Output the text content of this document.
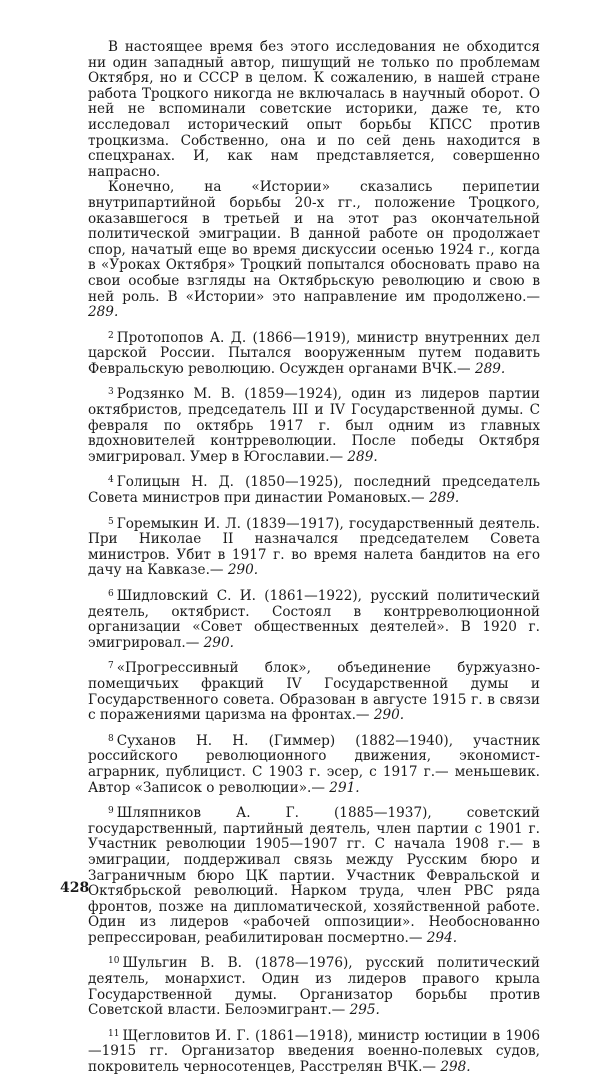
В настоящее время без этого исследования не обходится ни один западный автор, пишущий не только по проблемам Октября, но и СССР в целом. К сожалению, в нашей стране работа Троцкого никогда не включалась в научный оборот. О ней не вспоминали советские историки, даже те, кто исследовал исторический опыт борьбы КПСС против троцкизма. Собственно, она и по сей день находится в спецхранах. И, как нам представляется, совершенно напрасно.

Конечно, на «Истории» сказались перипетии внутрипартийной борьбы 20-х гг., положение Троцкого, оказавшегося в третьей и на этот раз окончательной политической эмиграции. В данной работе он продолжает спор, начатый еще во время дискуссии осенью 1924 г., когда в «Уроках Октября» Троцкий попытался обосновать право на свои особые взгляды на Октябрьскую революцию и свою в ней роль. В «Истории» это направление им продолжено.— 289.

$^2$ Протопопов А. Д. (1866—1919), министр внутренних дел царской России. Пытался вооруженным путем подавить Февральскую революцию. Осужден органами ВЧК.— 289.

$^3$ Родзянко М. В. (1859—1924), один из лидеров партии октябристов, председатель III и IV Государственной думы. С февраля по октябрь 1917 г. был одним из главных вдохновителей контрреволюции. После победы Октября эмигрировал. Умер в Югославии.— 289.

$^4$ Голицын Н. Д. (1850—1925), последний председатель Совета министров при династии Романовых.— 289.

$^5$ Горемыкин И. Л. (1839—1917), государственный деятель. При Николае II назначался председателем Совета министров. Убит в 1917 г. во время налета бандитов на его дачу на Кавказе.— 290.

$^6$ Шидловский С. И. (1861—1922), русский политический деятель, октябрист. Состоял в контрреволюционной организации «Совет общественных деятелей». В 1920 г. эмигрировал.— 290.

$^7$ «Прогрессивный блок», объединение буржуазно-помещичьих фракций IV Государственной думы и Государственного совета. Образован в августе 1915 г. в связи с поражениями царизма на фронтах.— 290.

$^8$ Суханов Н. Н. (Гиммер) (1882—1940), участник российского революционного движения, экономист-аграрник, публицист. С 1903 г. эсер, с 1917 г.— меньшевик. Автор «Записок о революции».— 291.

$^9$ Шляпников А. Г. (1885—1937), советский государственный, партийный деятель, член партии с 1901 г. Участник революции 1905—1907 гг. С начала 1908 г.— в эмиграции, поддерживал связь между Русским бюро и Заграничным бюро ЦК партии. Участник Февральской и Октябрьской революций. Нарком труда, член РВС ряда фронтов, позже на дипломатической, хозяйственной работе. Один из лидеров «рабочей оппозиции». Необоснованно репрессирован, реабилитирован посмертно.— 294.

$^{10}$ Шульгин В. В. (1878—1976), русский политический деятель, монархист. Один из лидеров правого крыла Государственной думы. Организатор борьбы против Советской власти. Белоэмигрант.— 295.

$^{11}$ Щегловитов И. Г. (1861—1918), министр юстиции в 1906—1915 гг. Организатор введения военно-полевых судов, покровитель черносотенцев, Расстрелян ВЧК.— 298.

428
